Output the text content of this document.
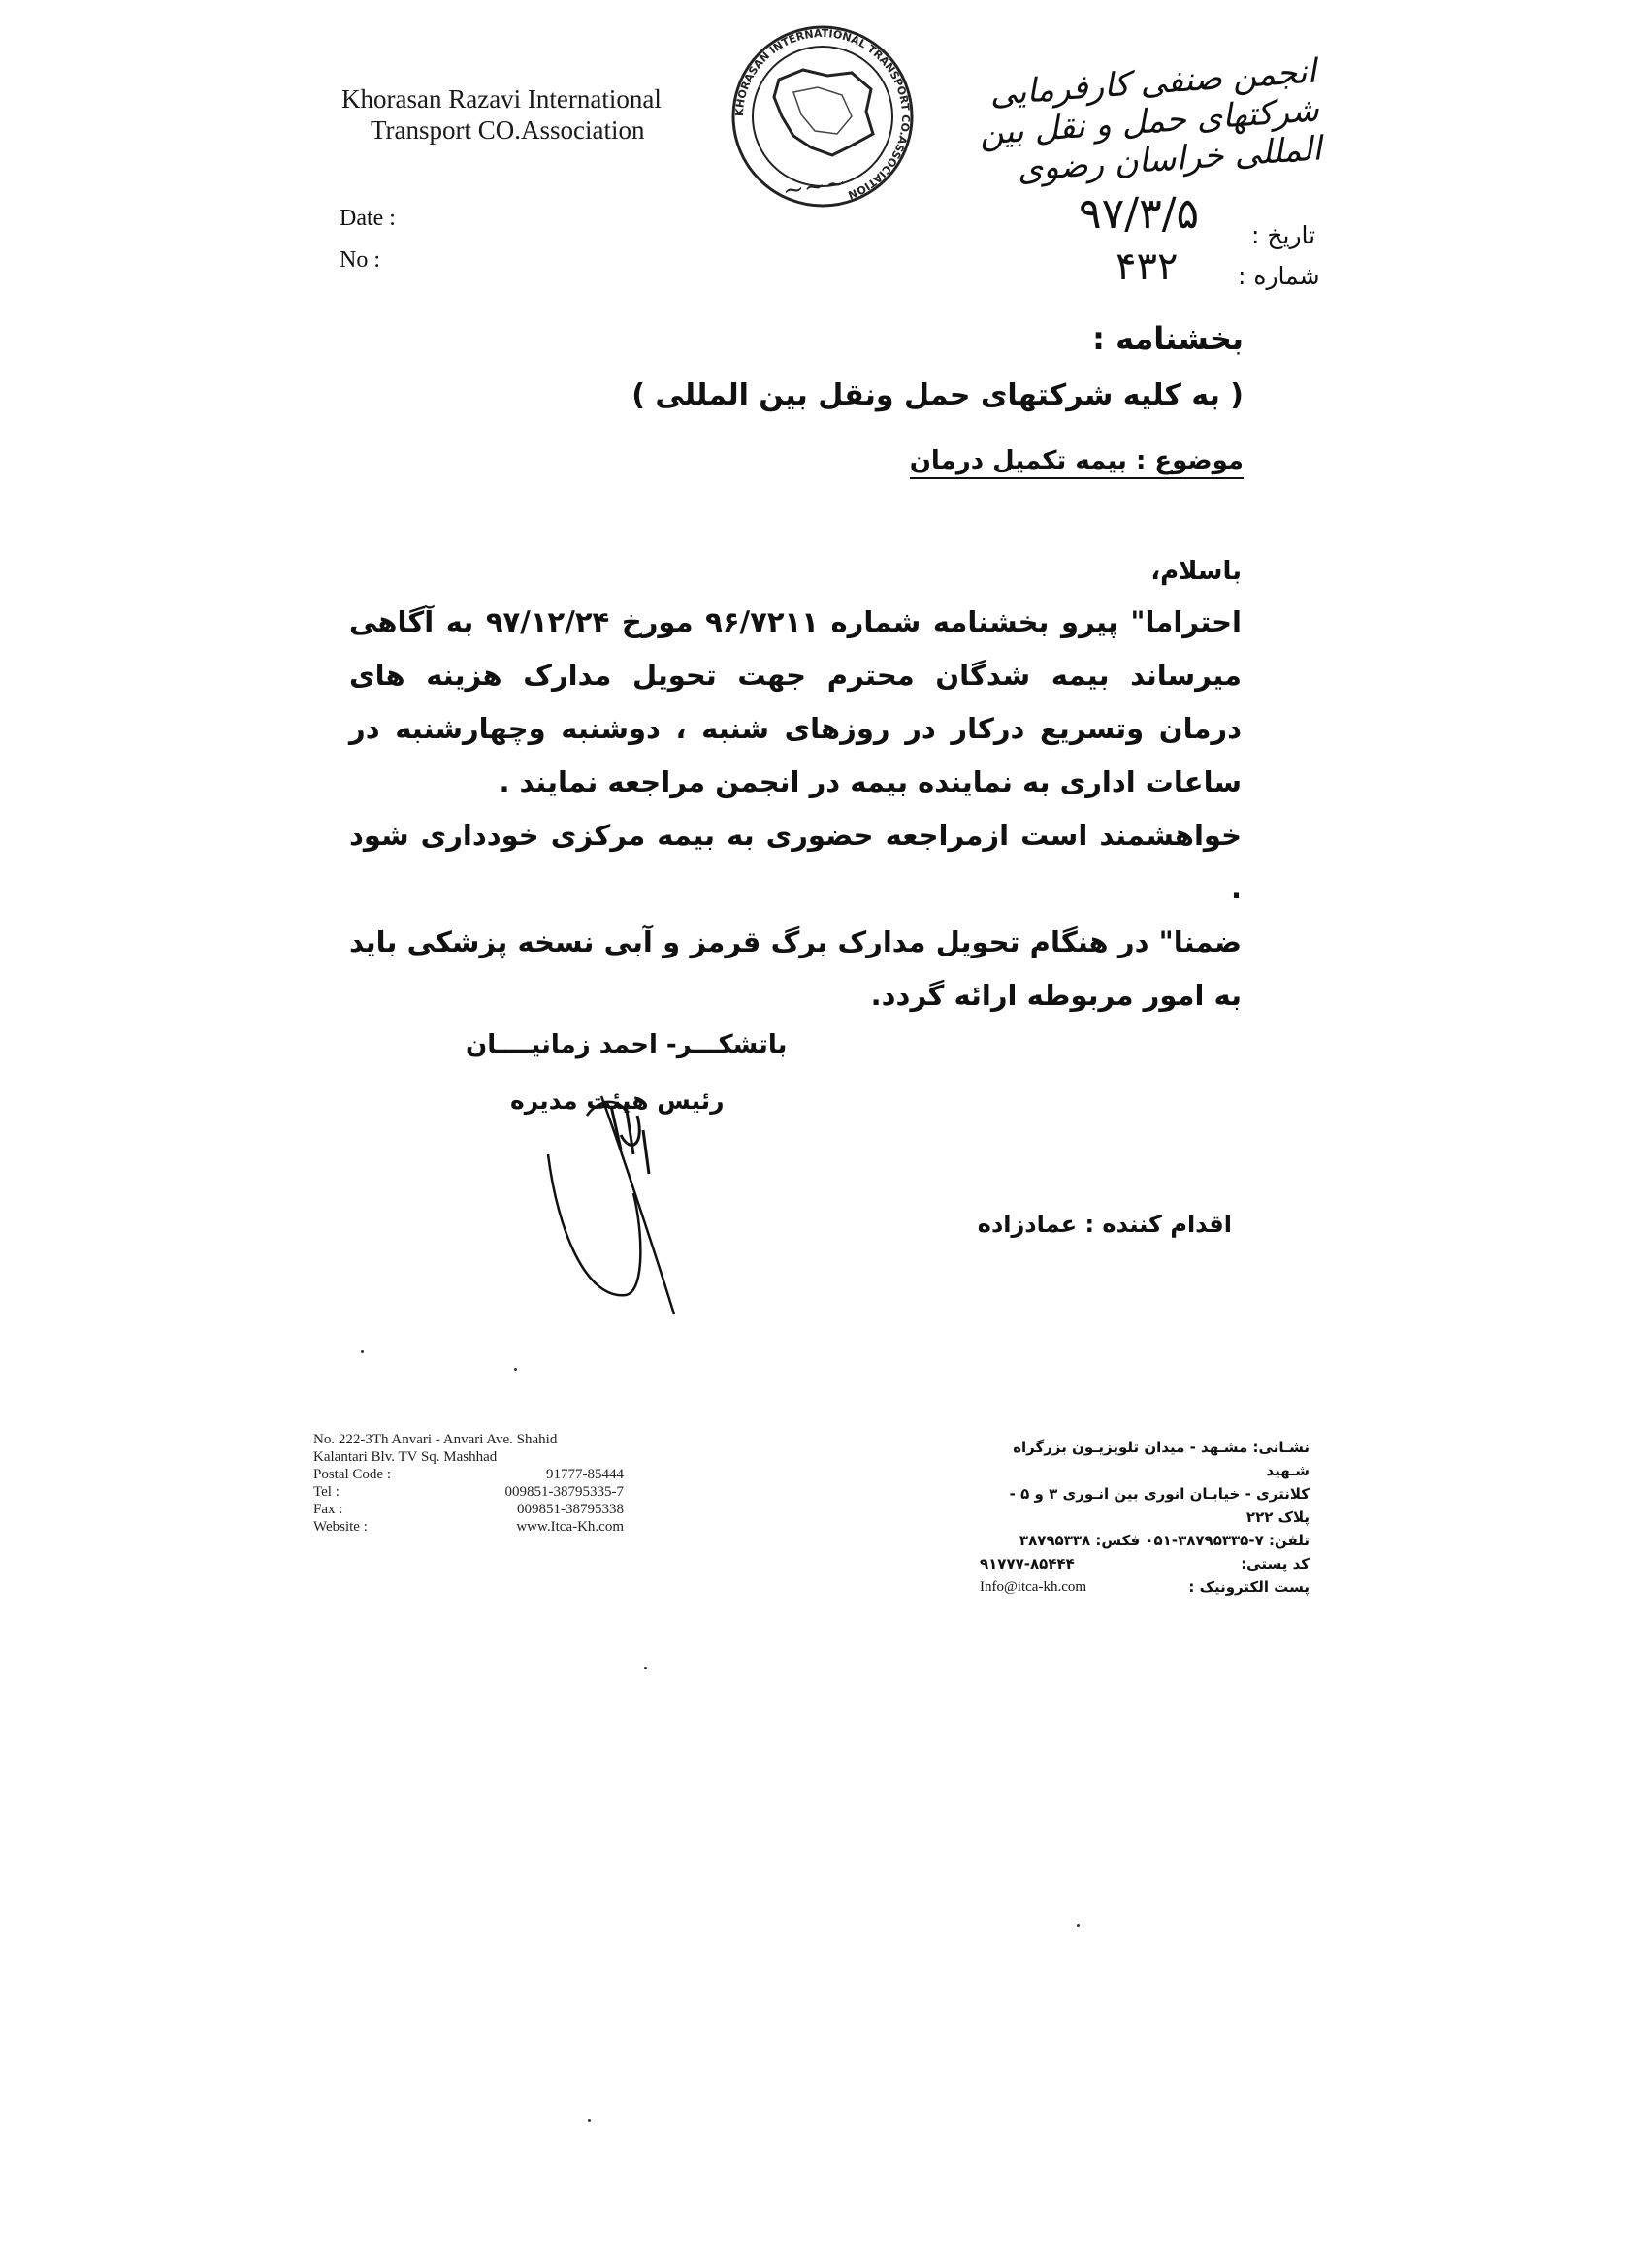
Khorasan Razavi International
Transport CO.Association
KHORASAN INTERNATIONAL TRANSPORT CO.ASSOCIATION
~~~
انجمن صنفی کارفرمایی شرکتهای حمل و نقل بین المللی خراسان رضوی
Date :
No :
۹۷/۳/۵
۴۳۲
تاریخ :
شماره :
بخشنامه :
( به کلیه شرکتهای حمل ونقل بین المللی )
موضوع : بیمه تکمیل درمان
باسلام،
احتراما" پیرو بخشنامه شماره ۹۶/۷۲۱۱ مورخ ۹۷/۱۲/۲۴ به آگاهی میرساند بیمه شدگان محترم جهت تحویل مدارک هزینه های درمان وتسریع درکار در روزهای شنبه ، دوشنبه وچهارشنبه در ساعات اداری به نماینده بیمه در انجمن مراجعه نمایند .
خواهشمند است ازمراجعه حضوری به بیمه مرکزی خودداری شود .
ضمنا" در هنگام تحویل مدارک برگ قرمز و آبی نسخه پزشکی باید به امور مربوطه ارائه گردد.
باتشکـــر- احمد زمانیــــان
رئیس هیئت مدیره
اقدام کننده : عمادزاده
No. 222-3Th Anvari - Anvari Ave. Shahid
Kalantari Blv. TV Sq. Mashhad
Postal Code :	91777-85444
Tel :	009851-38795335-7
Fax :	009851-38795338
Website :	www.Itca-Kh.com
نشـانی: مشـهد - میدان تلویزیـون بزرگراه شـهید
کلانتری - خیابـان انوری بین انـوری ۳ و ۵ - پلاک ۲۲۲
تلفن: ۷-۳۸۷۹۵۳۳۵-۰۵۱ فکس: ۳۸۷۹۵۳۳۸
کد پستی:
۹۱۷۷۷-۸۵۴۴۴
پست الکترونیک :
Info@itca-kh.com
